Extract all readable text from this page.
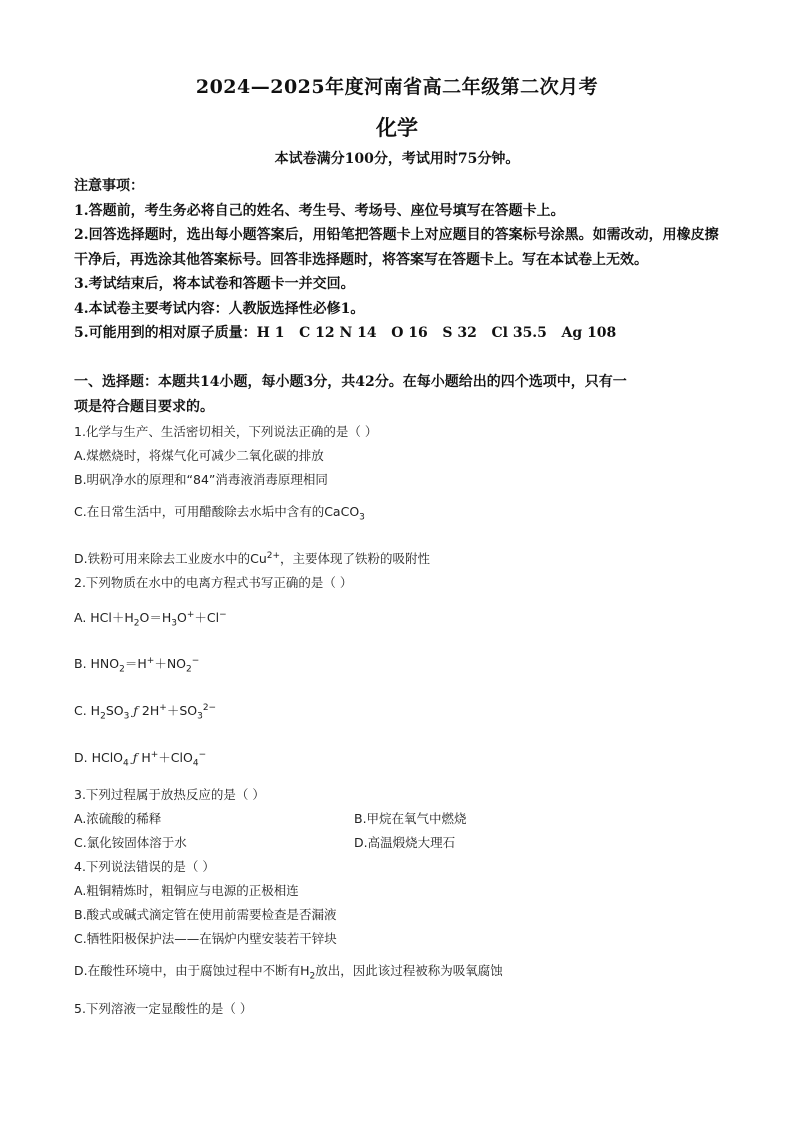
2024—2025年度河南省高二年级第二次月考
化学
本试卷满分100分，考试用时75分钟。

注意事项：

1.答题前，考生务必将自己的姓名、考生号、考场号、座位号填写在答题卡上。

2.回答选择题时，选出每小题答案后，用铅笔把答题卡上对应题目的答案标号涂黑。如需改动，用橡皮擦干净后，再选涂其他答案标号。回答非选择题时，将答案写在答题卡上。写在本试卷上无效。

3.考试结束后，将本试卷和答题卡一并交回。

4.本试卷主要考试内容：人教版选择性必修1。

5.可能用到的相对原子质量：H 1   C 12 N 14   O 16   S 32   Cl 35.5   Ag 108

一、选择题：本题共14小题，每小题3分，共42分。在每小题给出的四个选项中，只有一
项是符合题目要求的。
1.化学与生产、生活密切相关，下列说法正确的是（ ）
A.煤燃烧时，将煤气化可减少二氧化碳的排放
B.明矾净水的原理和“84”消毒液消毒原理相同
C.在日常生活中，可用醋酸除去水垢中含有的CaCO$_3$
D.铁粉可用来除去工业废水中的$Cu^{2+}$，主要体现了铁粉的吸附性
2.下列物质在水中的电离方程式书写正确的是（ ）
A. $HCl+H_2O=H_3O^++Cl^-$
B. $HNO_2=H^++NO_2^-$
C. $H_2SO_3$ ƒ $2H^++SO_3^{2-}$
D. HClO$_4$ ƒ H+＋ClO$_4$−
3.下列过程属于放热反应的是（ ）
A.浓硫酸的稀释	B.甲烷在氧气中燃烧
C.氯化铵固体溶于水	D.高温煅烧大理石
4.下列说法错误的是（ ）
A.粗铜精炼时，粗铜应与电源的正极相连
B.酸式或碱式滴定管在使用前需要检查是否漏液
C.牺牲阳极保护法——在锅炉内壁安装若干锌块
D.在酸性环境中，由于腐蚀过程中不断有$H_2$放出，因此该过程被称为吸氧腐蚀
5.下列溶液一定显酸性的是（ ）
